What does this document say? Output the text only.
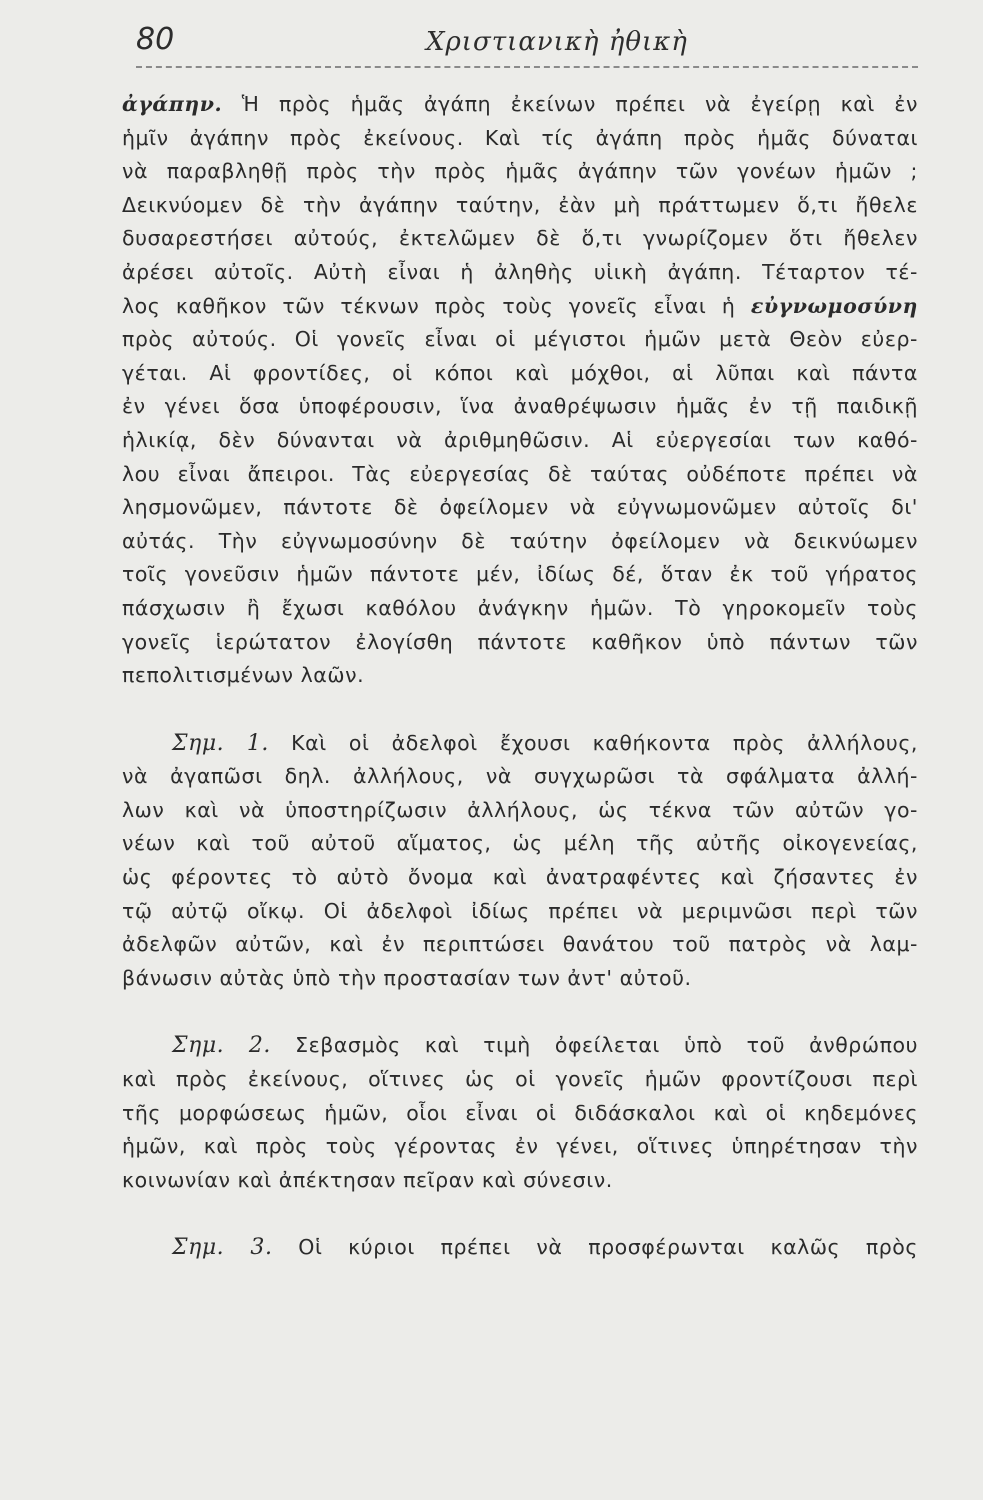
80	Χριστιανικὴ ἠθικὴ
ἀγάπην. Ἡ πρὸς ἡμᾶς ἀγάπη ἐκείνων πρέπει νὰ ἐγείρῃ καὶ ἐν
ἡμῖν ἀγάπην πρὸς ἐκείνους. Καὶ τίς ἀγάπη πρὸς ἡμᾶς δύναται
νὰ παραβληθῇ πρὸς τὴν πρὸς ἡμᾶς ἀγάπην τῶν γονέων ἡμῶν ;
Δεικνύομεν δὲ τὴν ἀγάπην ταύτην, ἐὰν μὴ πράττωμεν ὅ,τι ἤθελε
δυσαρεστήσει αὐτούς, ἐκτελῶμεν δὲ ὅ,τι γνωρίζομεν ὅτι ἤθελεν
ἀρέσει αὐτοῖς. Αὐτὴ εἶναι ἡ ἀληθὴς υἱικὴ ἀγάπη. Τέταρτον τέ-
λος καθῆκον τῶν τέκνων πρὸς τοὺς γονεῖς εἶναι ἡ εὐγνωμοσύνη
πρὸς αὐτούς. Οἱ γονεῖς εἶναι οἱ μέγιστοι ἡμῶν μετὰ Θεὸν εὐερ-
γέται. Αἱ φροντίδες, οἱ κόποι καὶ μόχθοι, αἱ λῦπαι καὶ πάντα
ἐν γένει ὅσα ὑποφέρουσιν, ἵνα ἀναθρέψωσιν ἡμᾶς ἐν τῇ παιδικῇ
ἡλικίᾳ, δὲν δύνανται νὰ ἀριθμηθῶσιν. Αἱ εὐεργεσίαι των καθό-
λου εἶναι ἄπειροι. Τὰς εὐεργεσίας δὲ ταύτας οὐδέποτε πρέπει νὰ
λησμονῶμεν, πάντοτε δὲ ὀφείλομεν νὰ εὐγνωμονῶμεν αὐτοῖς δι'
αὐτάς. Τὴν εὐγνωμοσύνην δὲ ταύτην ὀφείλομεν νὰ δεικνύωμεν
τοῖς γονεῦσιν ἡμῶν πάντοτε μέν, ἰδίως δέ, ὅταν ἐκ τοῦ γήρατος
πάσχωσιν ἢ ἔχωσι καθόλου ἀνάγκην ἡμῶν. Τὸ γηροκομεῖν τοὺς
γονεῖς ἱερώτατον ἐλογίσθη πάντοτε καθῆκον ὑπὸ πάντων τῶν
πεπολιτισμένων λαῶν.
Σημ. 1. Καὶ οἱ ἀδελφοὶ ἔχουσι καθήκοντα πρὸς ἀλλήλους,
νὰ ἀγαπῶσι δηλ. ἀλλήλους, νὰ συγχωρῶσι τὰ σφάλματα ἀλλή-
λων καὶ νὰ ὑποστηρίζωσιν ἀλλήλους, ὡς τέκνα τῶν αὐτῶν γο-
νέων καὶ τοῦ αὐτοῦ αἵματος, ὡς μέλη τῆς αὐτῆς οἰκογενείας,
ὡς φέροντες τὸ αὐτὸ ὄνομα καὶ ἀνατραφέντες καὶ ζήσαντες ἐν
τῷ αὐτῷ οἴκῳ. Οἱ ἀδελφοὶ ἰδίως πρέπει νὰ μεριμνῶσι περὶ τῶν
ἀδελφῶν αὐτῶν, καὶ ἐν περιπτώσει θανάτου τοῦ πατρὸς νὰ λαμ-
βάνωσιν αὐτὰς ὑπὸ τὴν προστασίαν των ἀντ' αὐτοῦ.
Σημ. 2. Σεβασμὸς καὶ τιμὴ ὀφείλεται ὑπὸ τοῦ ἀνθρώπου
καὶ πρὸς ἐκείνους, οἵτινες ὡς οἱ γονεῖς ἡμῶν φροντίζουσι περὶ
τῆς μορφώσεως ἡμῶν, οἷοι εἶναι οἱ διδάσκαλοι καὶ οἱ κηδεμόνες
ἡμῶν, καὶ πρὸς τοὺς γέροντας ἐν γένει, οἵτινες ὑπηρέτησαν τὴν
κοινωνίαν καὶ ἀπέκτησαν πεῖραν καὶ σύνεσιν.
Σημ. 3. Οἱ κύριοι πρέπει νὰ προσφέρωνται καλῶς πρὸς
